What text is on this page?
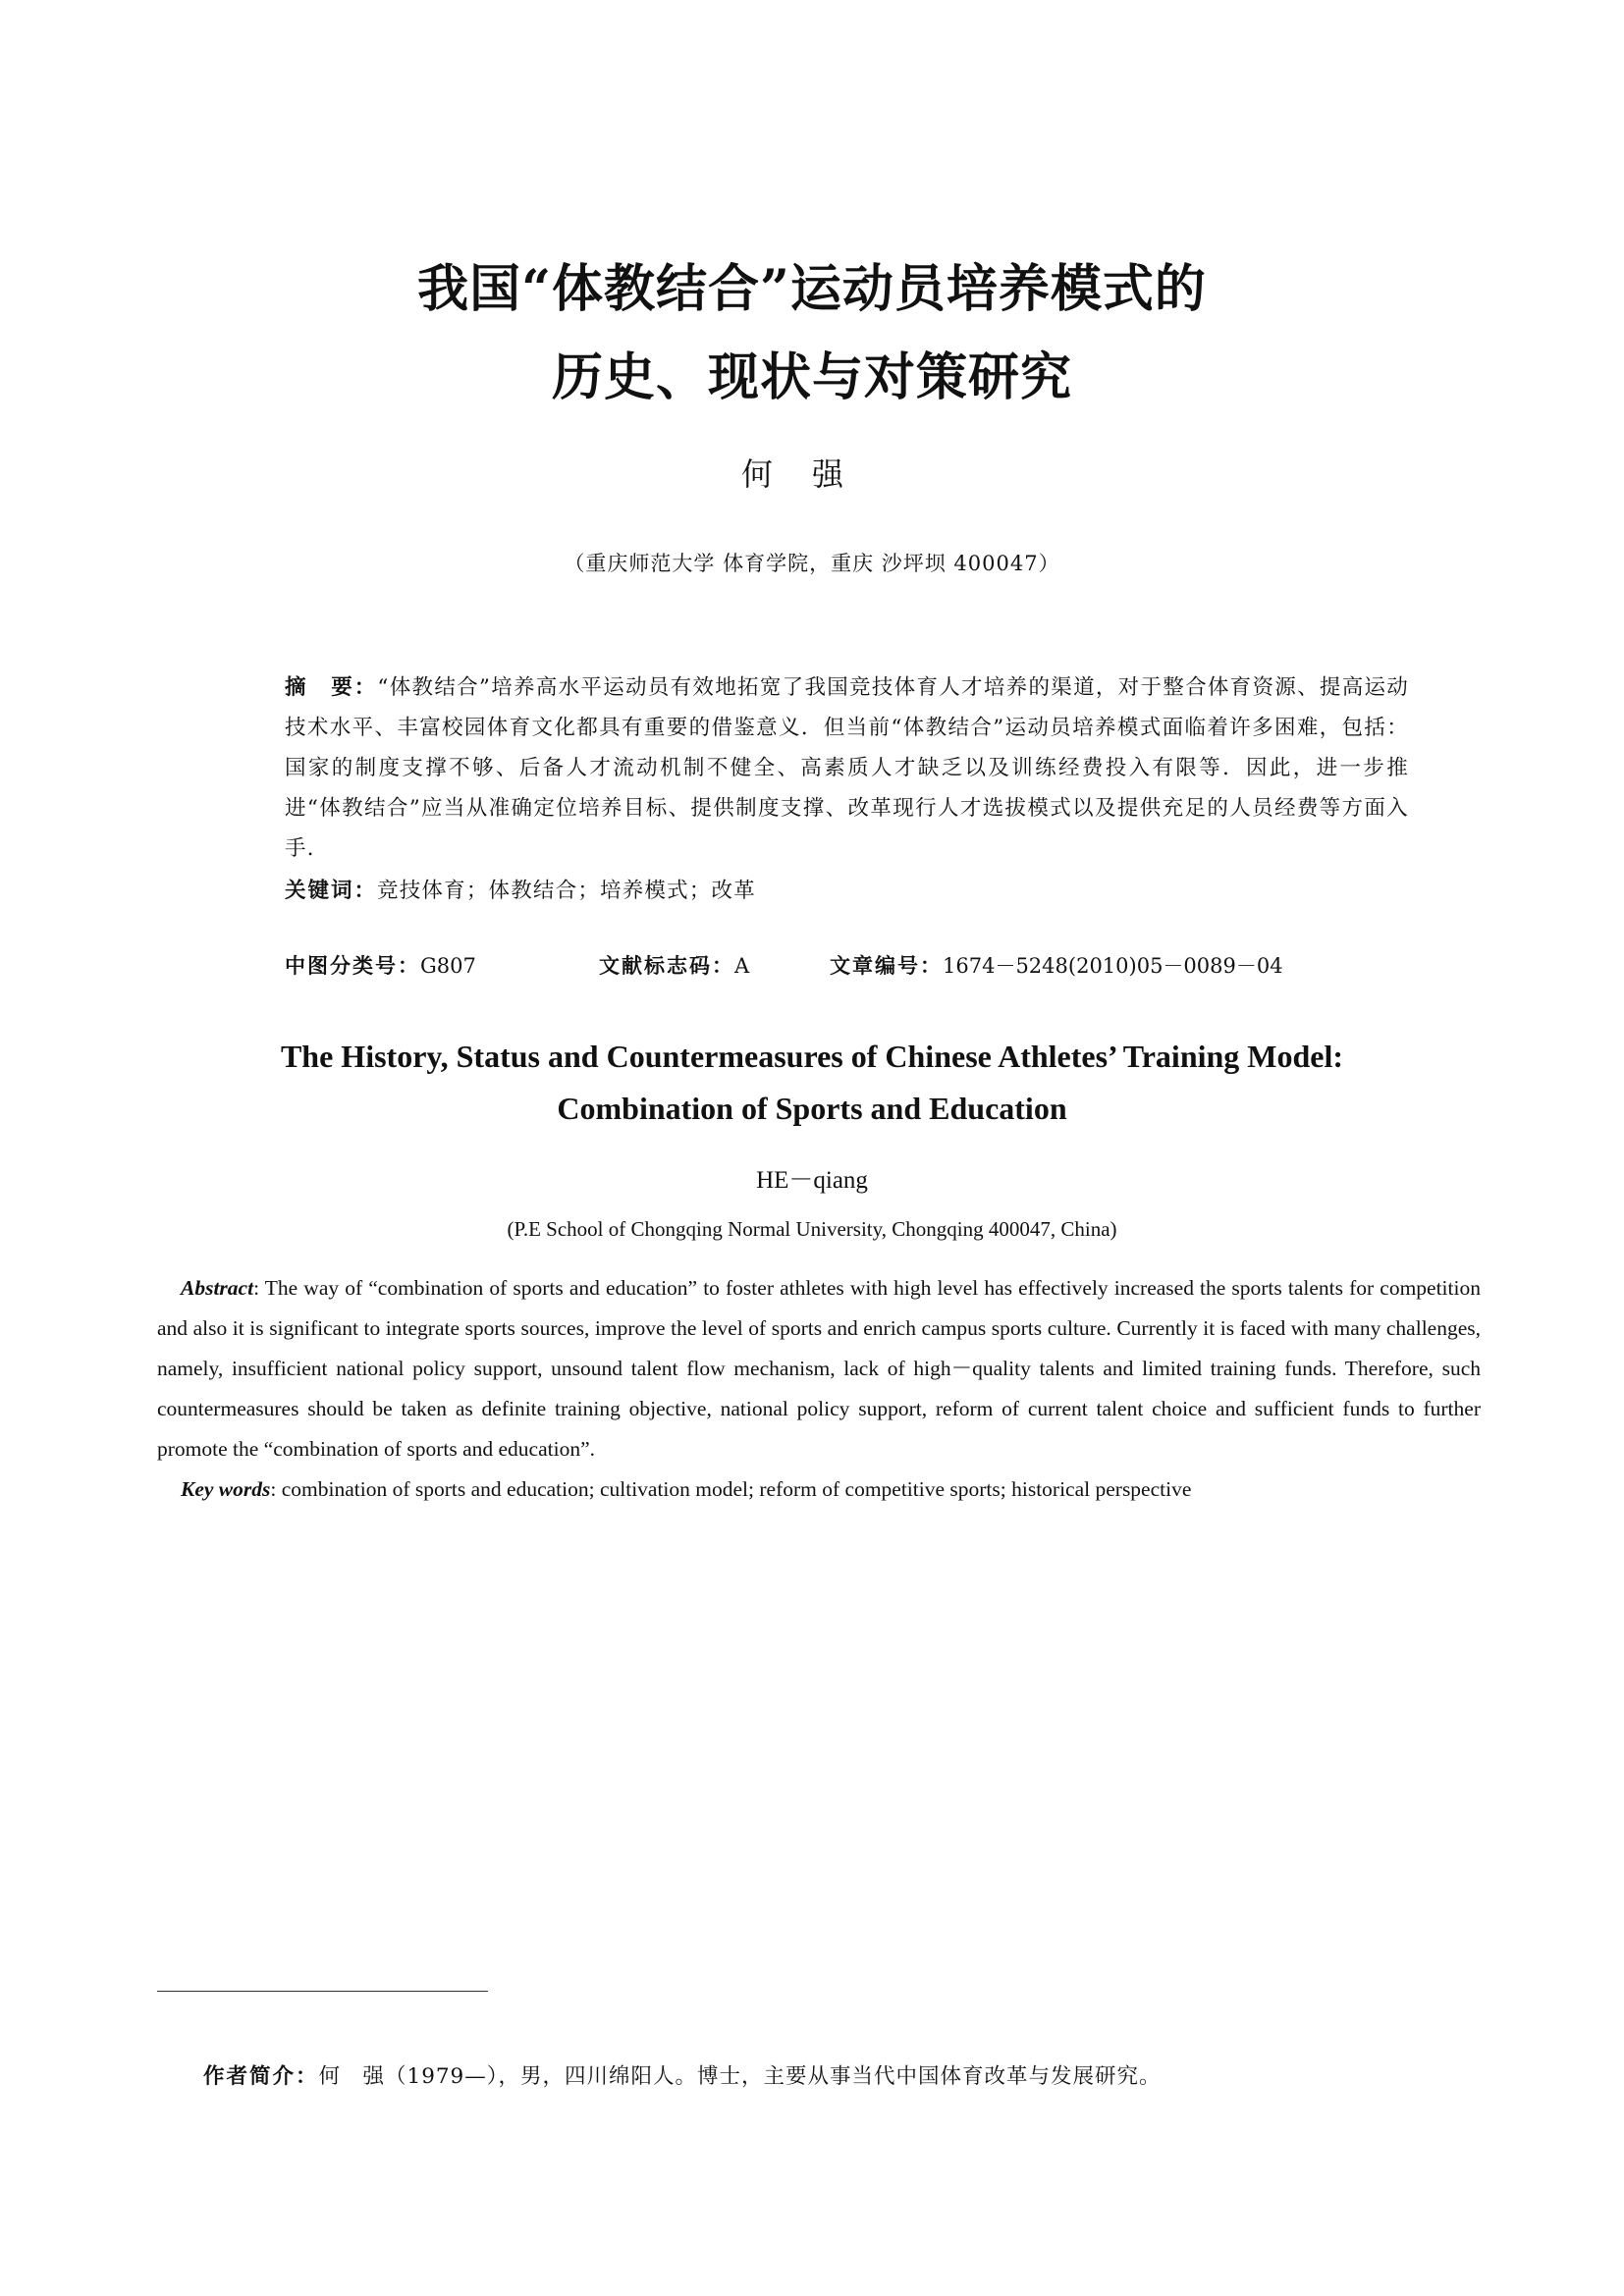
我国“体教结合”运动员培养模式的
历史、现状与对策研究
何强
（重庆师范大学 体育学院，重庆 沙坪坝 400047）

摘　要：“体教结合”培养高水平运动员有效地拓宽了我国竞技体育人才培养的渠道，对于整合体育资源、提高运动技术水平、丰富校园体育文化都具有重要的借鉴意义．但当前“体教结合”运动员培养模式面临着许多困难，包括：国家的制度支撑不够、后备人才流动机制不健全、高素质人才缺乏以及训练经费投入有限等．因此，进一步推进“体教结合”应当从准确定位培养目标、提供制度支撑、改革现行人才选拔模式以及提供充足的人员经费等方面入手．

关键词：竞技体育；体教结合；培养模式；改革

中图分类号：G807	文献标志码：A	文章编号：1674－5248(2010)05－0089－04
The History, Status and Countermeasures of Chinese Athletes’ Training Model:
Combination of Sports and Education
HE－qiang
(P.E School of Chongqing Normal University, Chongqing 400047, China)

Abstract: The way of “combination of sports and education” to foster athletes with high level has effectively increased the sports talents for competition and also it is significant to integrate sports sources, improve the level of sports and enrich campus sports culture. Currently it is faced with many challenges, namely, insufficient national policy support, unsound talent flow mechanism, lack of high－quality talents and limited training funds. Therefore, such countermeasures should be taken as definite training objective, national policy support, reform of current talent choice and sufficient funds to further promote the “combination of sports and education”.

Key words: combination of sports and education; cultivation model; reform of competitive sports; historical perspective

作者简介：何　强（1979—），男，四川绵阳人。博士，主要从事当代中国体育改革与发展研究。
